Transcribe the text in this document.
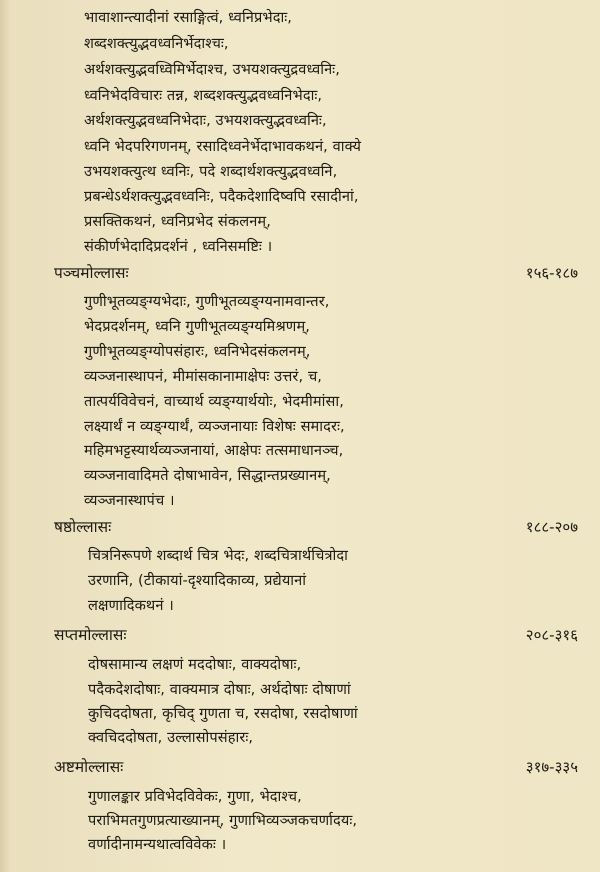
भावाशान्त्यादीनां रसाङ्गित्वं, ध्वनिप्रभेदाः,
शब्दशक्त्युद्भवध्वनिर्भेदाश्चः,
अर्थशक्त्युद्भवध्विमिर्भेदाश्च, उभयशक्त्युद्रवध्वनिः,
ध्वनिभेदविचारः तन्न, शब्दशक्त्युद्भवध्वनिभेदाः,
अर्थशक्त्युद्भवध्वनिभेदाः, उभयशक्त्युद्भवध्वनिः,
ध्वनि भेदपरिगणनम्, रसादिध्वनेर्भेदाभावकथनं, वाक्ये
उभयशक्त्युत्थ ध्वनिः, पदे शब्दार्थशक्त्युद्भवध्वनि,
प्रबन्धेऽर्थशक्त्युद्भवध्वनिः, पदैकदेशादिष्वपि रसादीनां,
प्रसक्तिकथनं, ध्वनिप्रभेद संकलनम्,
संकीर्णभेदादिप्रदर्शनं , ध्वनिसमष्टिः ।
पञ्चमोल्लासः	१५६-१८७
गुणीभूतव्यङ्ग्यभेदाः, गुणीभूतव्यङ्ग्यनामवान्तर,
भेदप्रदर्शनम्, ध्वनि गुणीभूतव्यङ्ग्यमिश्रणम्,
गुणीभूतव्यङ्ग्योपसंहारः, ध्वनिभेदसंकलनम्,
व्यञ्जनास्थापनं, मीमांसकानामाक्षेपः उत्तरं, च,
तात्पर्यविवेचनं, वाच्यार्थ व्यङ्ग्यार्थयोः, भेदमीमांसा,
लक्ष्यार्थं न व्यङ्ग्यार्थं, व्यञ्जनायाः विशेषः समादरः,
महिमभट्टस्यार्थव्यञ्जनायां, आक्षेपः तत्समाधानञ्च,
व्यञ्जनावादिमते दोषाभावेन, सिद्धान्तप्रख्यानम्,
व्यञ्जनास्थापंच ।
षष्ठोल्लासः	१८८-२०७
चित्रनिरूपणे शब्दार्थ चित्र भेदः, शब्दचित्रार्थचित्रोदा
उरणानि, (टीकायां-दृश्यादिकाव्य, प्रद्येयानां
लक्षणादिकथनं ।
सप्तमोल्लासः	२०८-३१६
दोषसामान्य लक्षणं मददोषाः, वाक्यदोषाः,
पदैकदेशदोषाः, वाक्यमात्र दोषाः, अर्थदोषाः दोषाणां
कुचिददोषता, कृचिद् गुणता च, रसदोषा, रसदोषाणां
क्वचिददोषता, उल्लासोपसंहारः,
अष्टमोल्लासः	३१७-३३५
गुणालङ्कार प्रविभेदविवेकः, गुणा, भेदाश्च,
पराभिमतगुणप्रत्याख्यानम्, गुणाभिव्यञ्जकचर्णादयः,
वर्णादीनामन्यथात्वविवेकः ।
